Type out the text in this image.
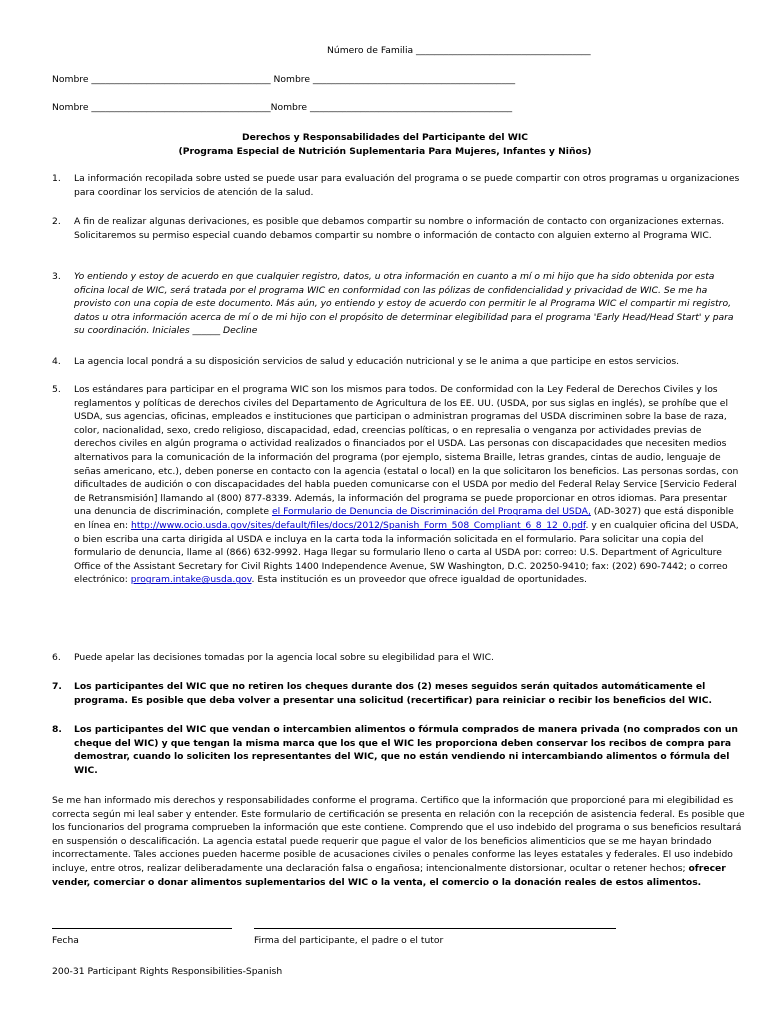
Número de Familia ______________________________________
Nombre _______________________________________ Nombre ____________________________________________
Nombre _______________________________________Nombre ____________________________________________
Derechos y Responsabilidades del Participante del WIC
(Programa Especial de Nutrición Suplementaria Para Mujeres, Infantes y Niños)
1.	La información recopilada sobre usted se puede usar para evaluación del programa o se puede compartir con otros programas u organizaciones para coordinar los servicios de atención de la salud.
2.	A fin de realizar algunas derivaciones, es posible que debamos compartir su nombre o información de contacto con organizaciones externas. Solicitaremos su permiso especial cuando debamos compartir su nombre o información de contacto con alguien externo al Programa WIC.
3.	Yo entiendo y estoy de acuerdo en que cualquier registro, datos, u otra información en cuanto a mí o mi hijo que ha sido obtenida por esta oficina local de WIC, será tratada por el programa WIC en conformidad con las pólizas de confidencialidad y privacidad de WIC. Se me ha provisto con una copia de este documento. Más aún, yo entiendo y estoy de acuerdo con permitir le al Programa WIC el compartir mi registro, datos u otra información acerca de mí o de mi hijo con el propósito de determinar elegibilidad para el programa 'Early Head/Head Start' y para su coordinación. Iniciales ______ Decline
4.	La agencia local pondrá a su disposición servicios de salud y educación nutricional y se le anima a que participe en estos servicios.
5.	Los estándares para participar en el programa WIC son los mismos para todos. De conformidad con la Ley Federal de Derechos Civiles y los reglamentos y políticas de derechos civiles del Departamento de Agricultura de los EE. UU. (USDA, por sus siglas en inglés), se prohíbe que el USDA, sus agencias, oficinas, empleados e instituciones que participan o administran programas del USDA discriminen sobre la base de raza, color, nacionalidad, sexo, credo religioso, discapacidad, edad, creencias políticas, o en represalia o venganza por actividades previas de derechos civiles en algún programa o actividad realizados o financiados por el USDA. Las personas con discapacidades que necesiten medios alternativos para la comunicación de la información del programa (por ejemplo, sistema Braille, letras grandes, cintas de audio, lenguaje de señas americano, etc.), deben ponerse en contacto con la agencia (estatal o local) en la que solicitaron los beneficios. Las personas sordas, con dificultades de audición o con discapacidades del habla pueden comunicarse con el USDA por medio del Federal Relay Service [Servicio Federal de Retransmisión] llamando al (800) 877-8339. Además, la información del programa se puede proporcionar en otros idiomas. Para presentar una denuncia de discriminación, complete el Formulario de Denuncia de Discriminación del Programa del USDA, (AD-3027) que está disponible en línea en: http://www.ocio.usda.gov/sites/default/files/docs/2012/Spanish_Form_508_Compliant_6_8_12_0.pdf. y en cualquier oficina del USDA, o bien escriba una carta dirigida al USDA e incluya en la carta toda la información solicitada en el formulario. Para solicitar una copia del formulario de denuncia, llame al (866) 632-9992. Haga llegar su formulario lleno o carta al USDA por: correo: U.S. Department of Agriculture Office of the Assistant Secretary for Civil Rights 1400 Independence Avenue, SW Washington, D.C. 20250-9410; fax: (202) 690-7442; o correo electrónico: program.intake@usda.gov. Esta institución es un proveedor que ofrece igualdad de oportunidades.
6.	Puede apelar las decisiones tomadas por la agencia local sobre su elegibilidad para el WIC.
7.	Los participantes del WIC que no retiren los cheques durante dos (2) meses seguidos serán quitados automáticamente el programa. Es posible que deba volver a presentar una solicitud (recertificar) para reiniciar o recibir los beneficios del WIC.
8.	Los participantes del WIC que vendan o intercambien alimentos o fórmula comprados de manera privada (no comprados con un cheque del WIC) y que tengan la misma marca que los que el WIC les proporciona deben conservar los recibos de compra para demostrar, cuando lo soliciten los representantes del WIC, que no están vendiendo ni intercambiando alimentos o fórmula del WIC.
Se me han informado mis derechos y responsabilidades conforme el programa. Certifico que la información que proporcioné para mi elegibilidad es correcta según mi leal saber y entender. Este formulario de certificación se presenta en relación con la recepción de asistencia federal. Es posible que los funcionarios del programa comprueben la información que este contiene. Comprendo que el uso indebido del programa o sus beneficios resultará en suspensión o descalificación. La agencia estatal puede requerir que pague el valor de los beneficios alimenticios que se me hayan brindado incorrectamente. Tales acciones pueden hacerme posible de acusaciones civiles o penales conforme las leyes estatales y federales. El uso indebido incluye, entre otros, realizar deliberadamente una declaración falsa o engañosa; intencionalmente distorsionar, ocultar o retener hechos; ofrecer vender, comerciar o donar alimentos suplementarios del WIC o la venta, el comercio o la donación reales de estos alimentos.
Fecha	Firma del participante, el padre o el tutor
200-31 Participant Rights Responsibilities-Spanish
